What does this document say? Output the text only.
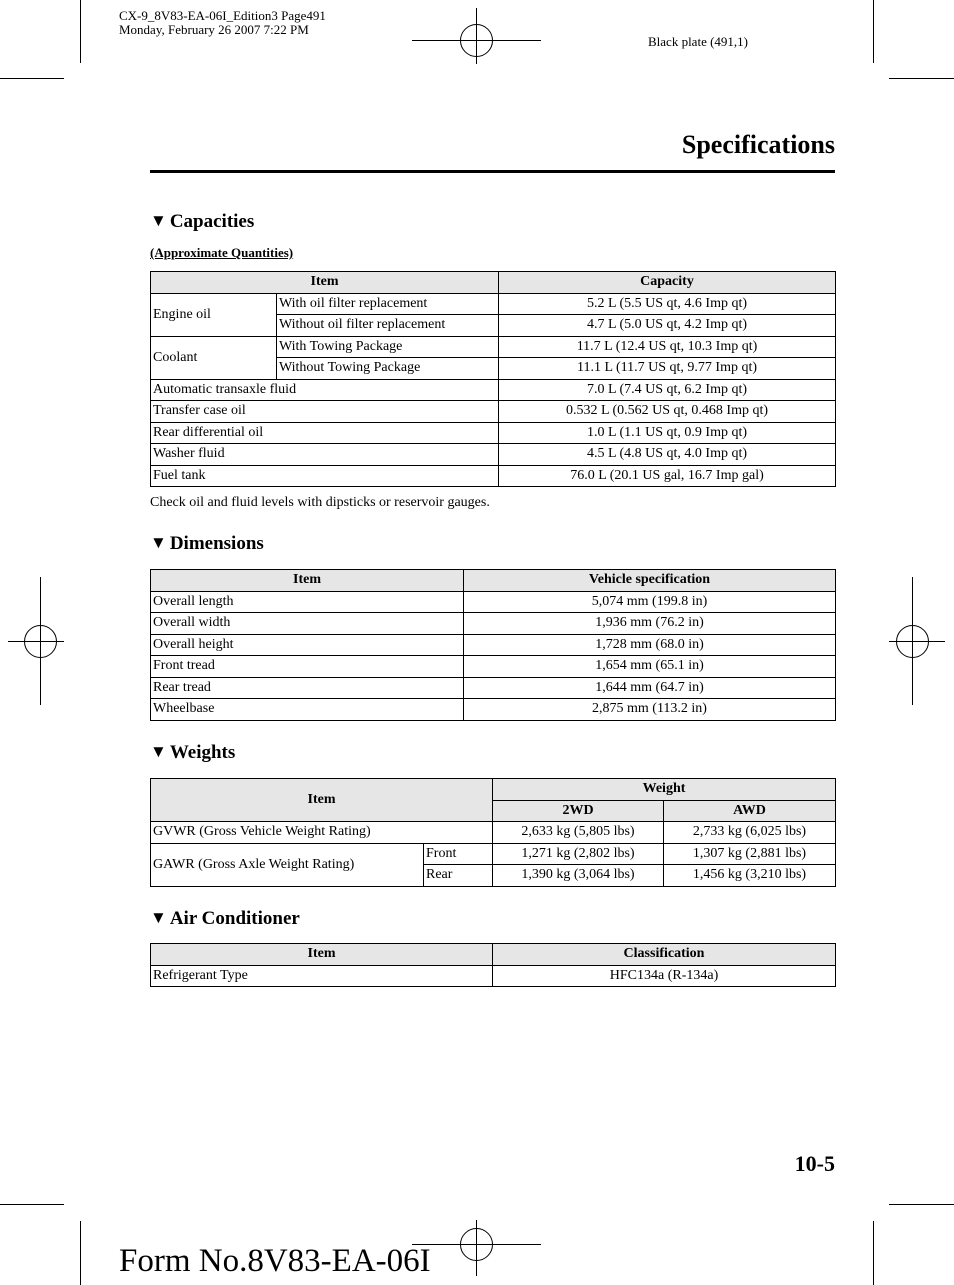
CX-9_8V83-EA-06I_Edition3 Page491
Monday, February 26 2007 7:22 PM
Black plate (491,1)
Specifications
▼ Capacities
(Approximate Quantities)
Item		Capacity
Engine oil	With oil filter replacement	5.2 L (5.5 US qt, 4.6 Imp qt)
	Without oil filter replacement	4.7 L (5.0 US qt, 4.2 Imp qt)
Coolant	With Towing Package	11.7 L (12.4 US qt, 10.3 Imp qt)
	Without Towing Package	11.1 L (11.7 US qt, 9.77 Imp qt)
Automatic transaxle fluid		7.0 L (7.4 US qt, 6.2 Imp qt)
Transfer case oil		0.532 L (0.562 US qt, 0.468 Imp qt)
Rear differential oil		1.0 L (1.1 US qt, 0.9 Imp qt)
Washer fluid		4.5 L (4.8 US qt, 4.0 Imp qt)
Fuel tank		76.0 L (20.1 US gal, 16.7 Imp gal)
Check oil and fluid levels with dipsticks or reservoir gauges.
▼ Dimensions
Item	Vehicle specification
Overall length	5,074 mm (199.8 in)
Overall width	1,936 mm (76.2 in)
Overall height	1,728 mm (68.0 in)
Front tread	1,654 mm (65.1 in)
Rear tread	1,644 mm (64.7 in)
Wheelbase	2,875 mm (113.2 in)
▼ Weights
Item		Weight	
		2WD	AWD
GVWR (Gross Vehicle Weight Rating)		2,633 kg (5,805 lbs)	2,733 kg (6,025 lbs)
GAWR (Gross Axle Weight Rating)	Front	1,271 kg (2,802 lbs)	1,307 kg (2,881 lbs)
	Rear	1,390 kg (3,064 lbs)	1,456 kg (3,210 lbs)
▼ Air Conditioner
Item	Classification
Refrigerant Type	HFC134a (R-134a)
10-5
Form No.8V83-EA-06I
